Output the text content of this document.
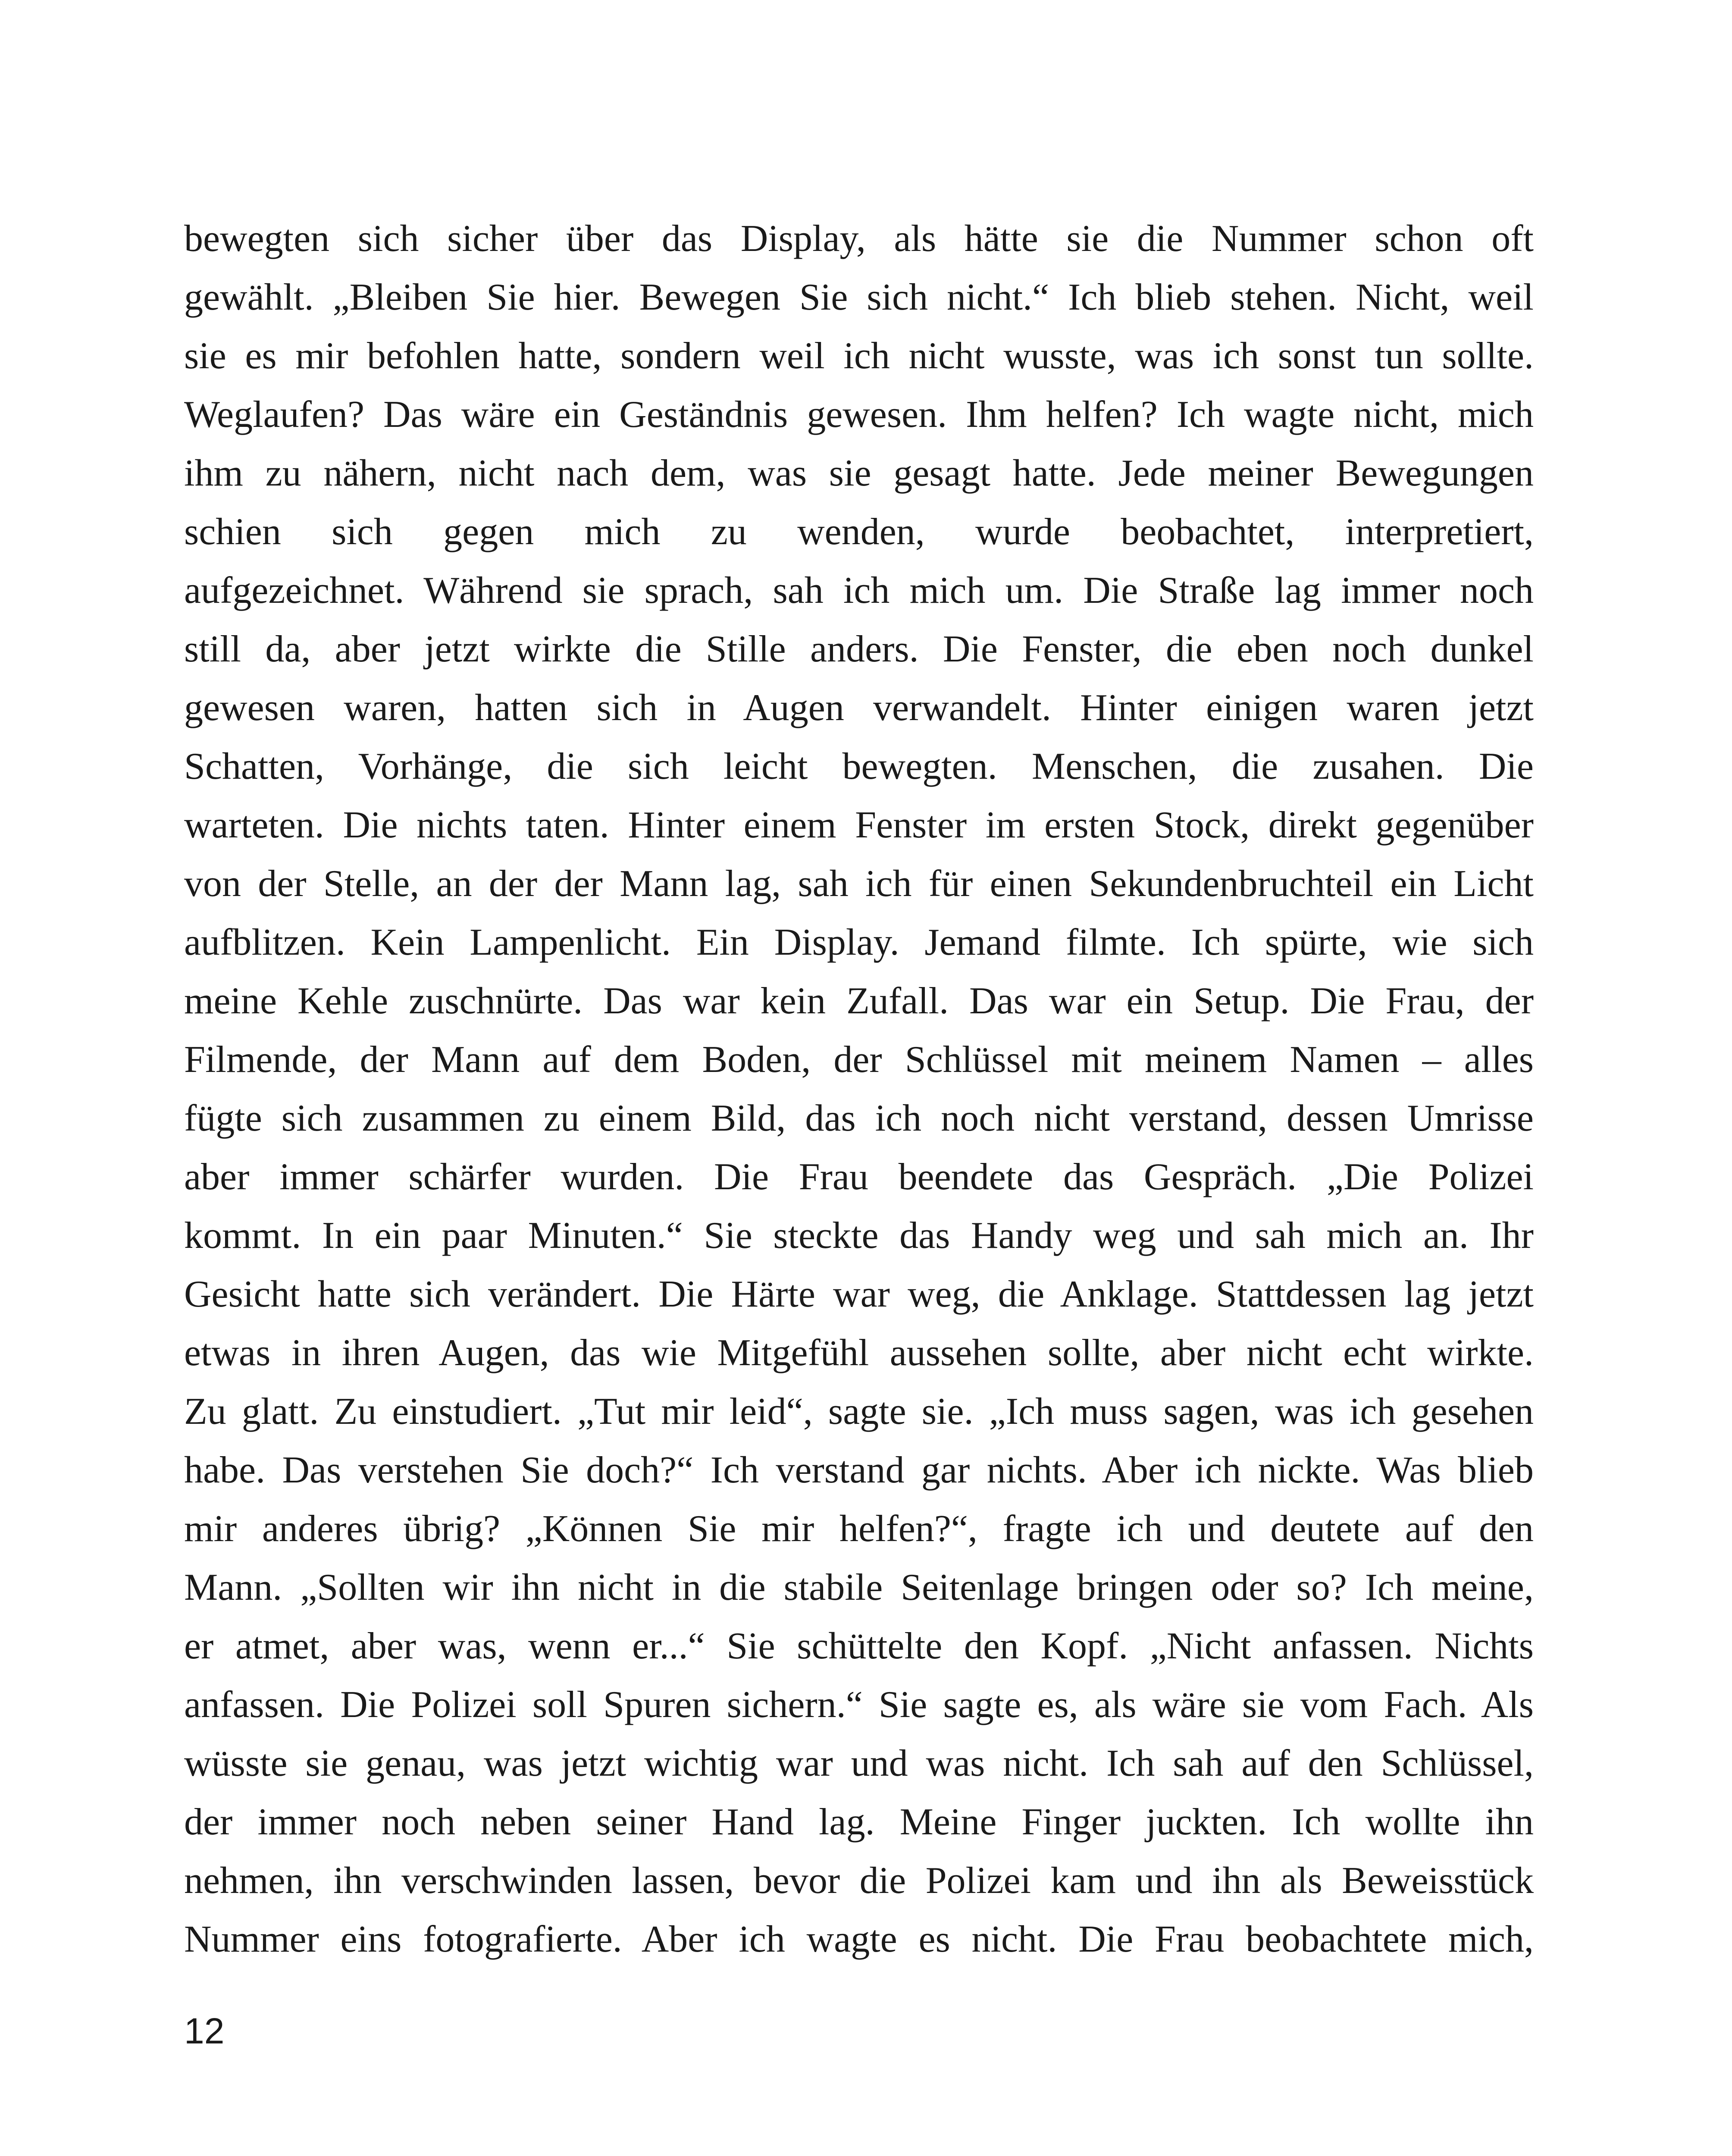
bewegten sich sicher über das Display, als hätte sie die Nummer schon oft
gewählt. „Bleiben Sie hier. Bewegen Sie sich nicht.“ Ich blieb stehen. Nicht, weil
sie es mir befohlen hatte, sondern weil ich nicht wusste, was ich sonst tun sollte.
Weglaufen? Das wäre ein Geständnis gewesen. Ihm helfen? Ich wagte nicht, mich
ihm zu nähern, nicht nach dem, was sie gesagt hatte. Jede meiner Bewegungen
schien sich gegen mich zu wenden, wurde beobachtet, interpretiert,
aufgezeichnet. Während sie sprach, sah ich mich um. Die Straße lag immer noch
still da, aber jetzt wirkte die Stille anders. Die Fenster, die eben noch dunkel
gewesen waren, hatten sich in Augen verwandelt. Hinter einigen waren jetzt
Schatten, Vorhänge, die sich leicht bewegten. Menschen, die zusahen. Die
warteten. Die nichts taten. Hinter einem Fenster im ersten Stock, direkt gegenüber
von der Stelle, an der der Mann lag, sah ich für einen Sekundenbruchteil ein Licht
aufblitzen. Kein Lampenlicht. Ein Display. Jemand filmte. Ich spürte, wie sich
meine Kehle zuschnürte. Das war kein Zufall. Das war ein Setup. Die Frau, der
Filmende, der Mann auf dem Boden, der Schlüssel mit meinem Namen – alles
fügte sich zusammen zu einem Bild, das ich noch nicht verstand, dessen Umrisse
aber immer schärfer wurden. Die Frau beendete das Gespräch. „Die Polizei
kommt. In ein paar Minuten.“ Sie steckte das Handy weg und sah mich an. Ihr
Gesicht hatte sich verändert. Die Härte war weg, die Anklage. Stattdessen lag jetzt
etwas in ihren Augen, das wie Mitgefühl aussehen sollte, aber nicht echt wirkte.
Zu glatt. Zu einstudiert. „Tut mir leid“, sagte sie. „Ich muss sagen, was ich gesehen
habe. Das verstehen Sie doch?“ Ich verstand gar nichts. Aber ich nickte. Was blieb
mir anderes übrig? „Können Sie mir helfen?“, fragte ich und deutete auf den
Mann. „Sollten wir ihn nicht in die stabile Seitenlage bringen oder so? Ich meine,
er atmet, aber was, wenn er...“ Sie schüttelte den Kopf. „Nicht anfassen. Nichts
anfassen. Die Polizei soll Spuren sichern.“ Sie sagte es, als wäre sie vom Fach. Als
wüsste sie genau, was jetzt wichtig war und was nicht. Ich sah auf den Schlüssel,
der immer noch neben seiner Hand lag. Meine Finger juckten. Ich wollte ihn
nehmen, ihn verschwinden lassen, bevor die Polizei kam und ihn als Beweisstück
Nummer eins fotografierte. Aber ich wagte es nicht. Die Frau beobachtete mich,
12
